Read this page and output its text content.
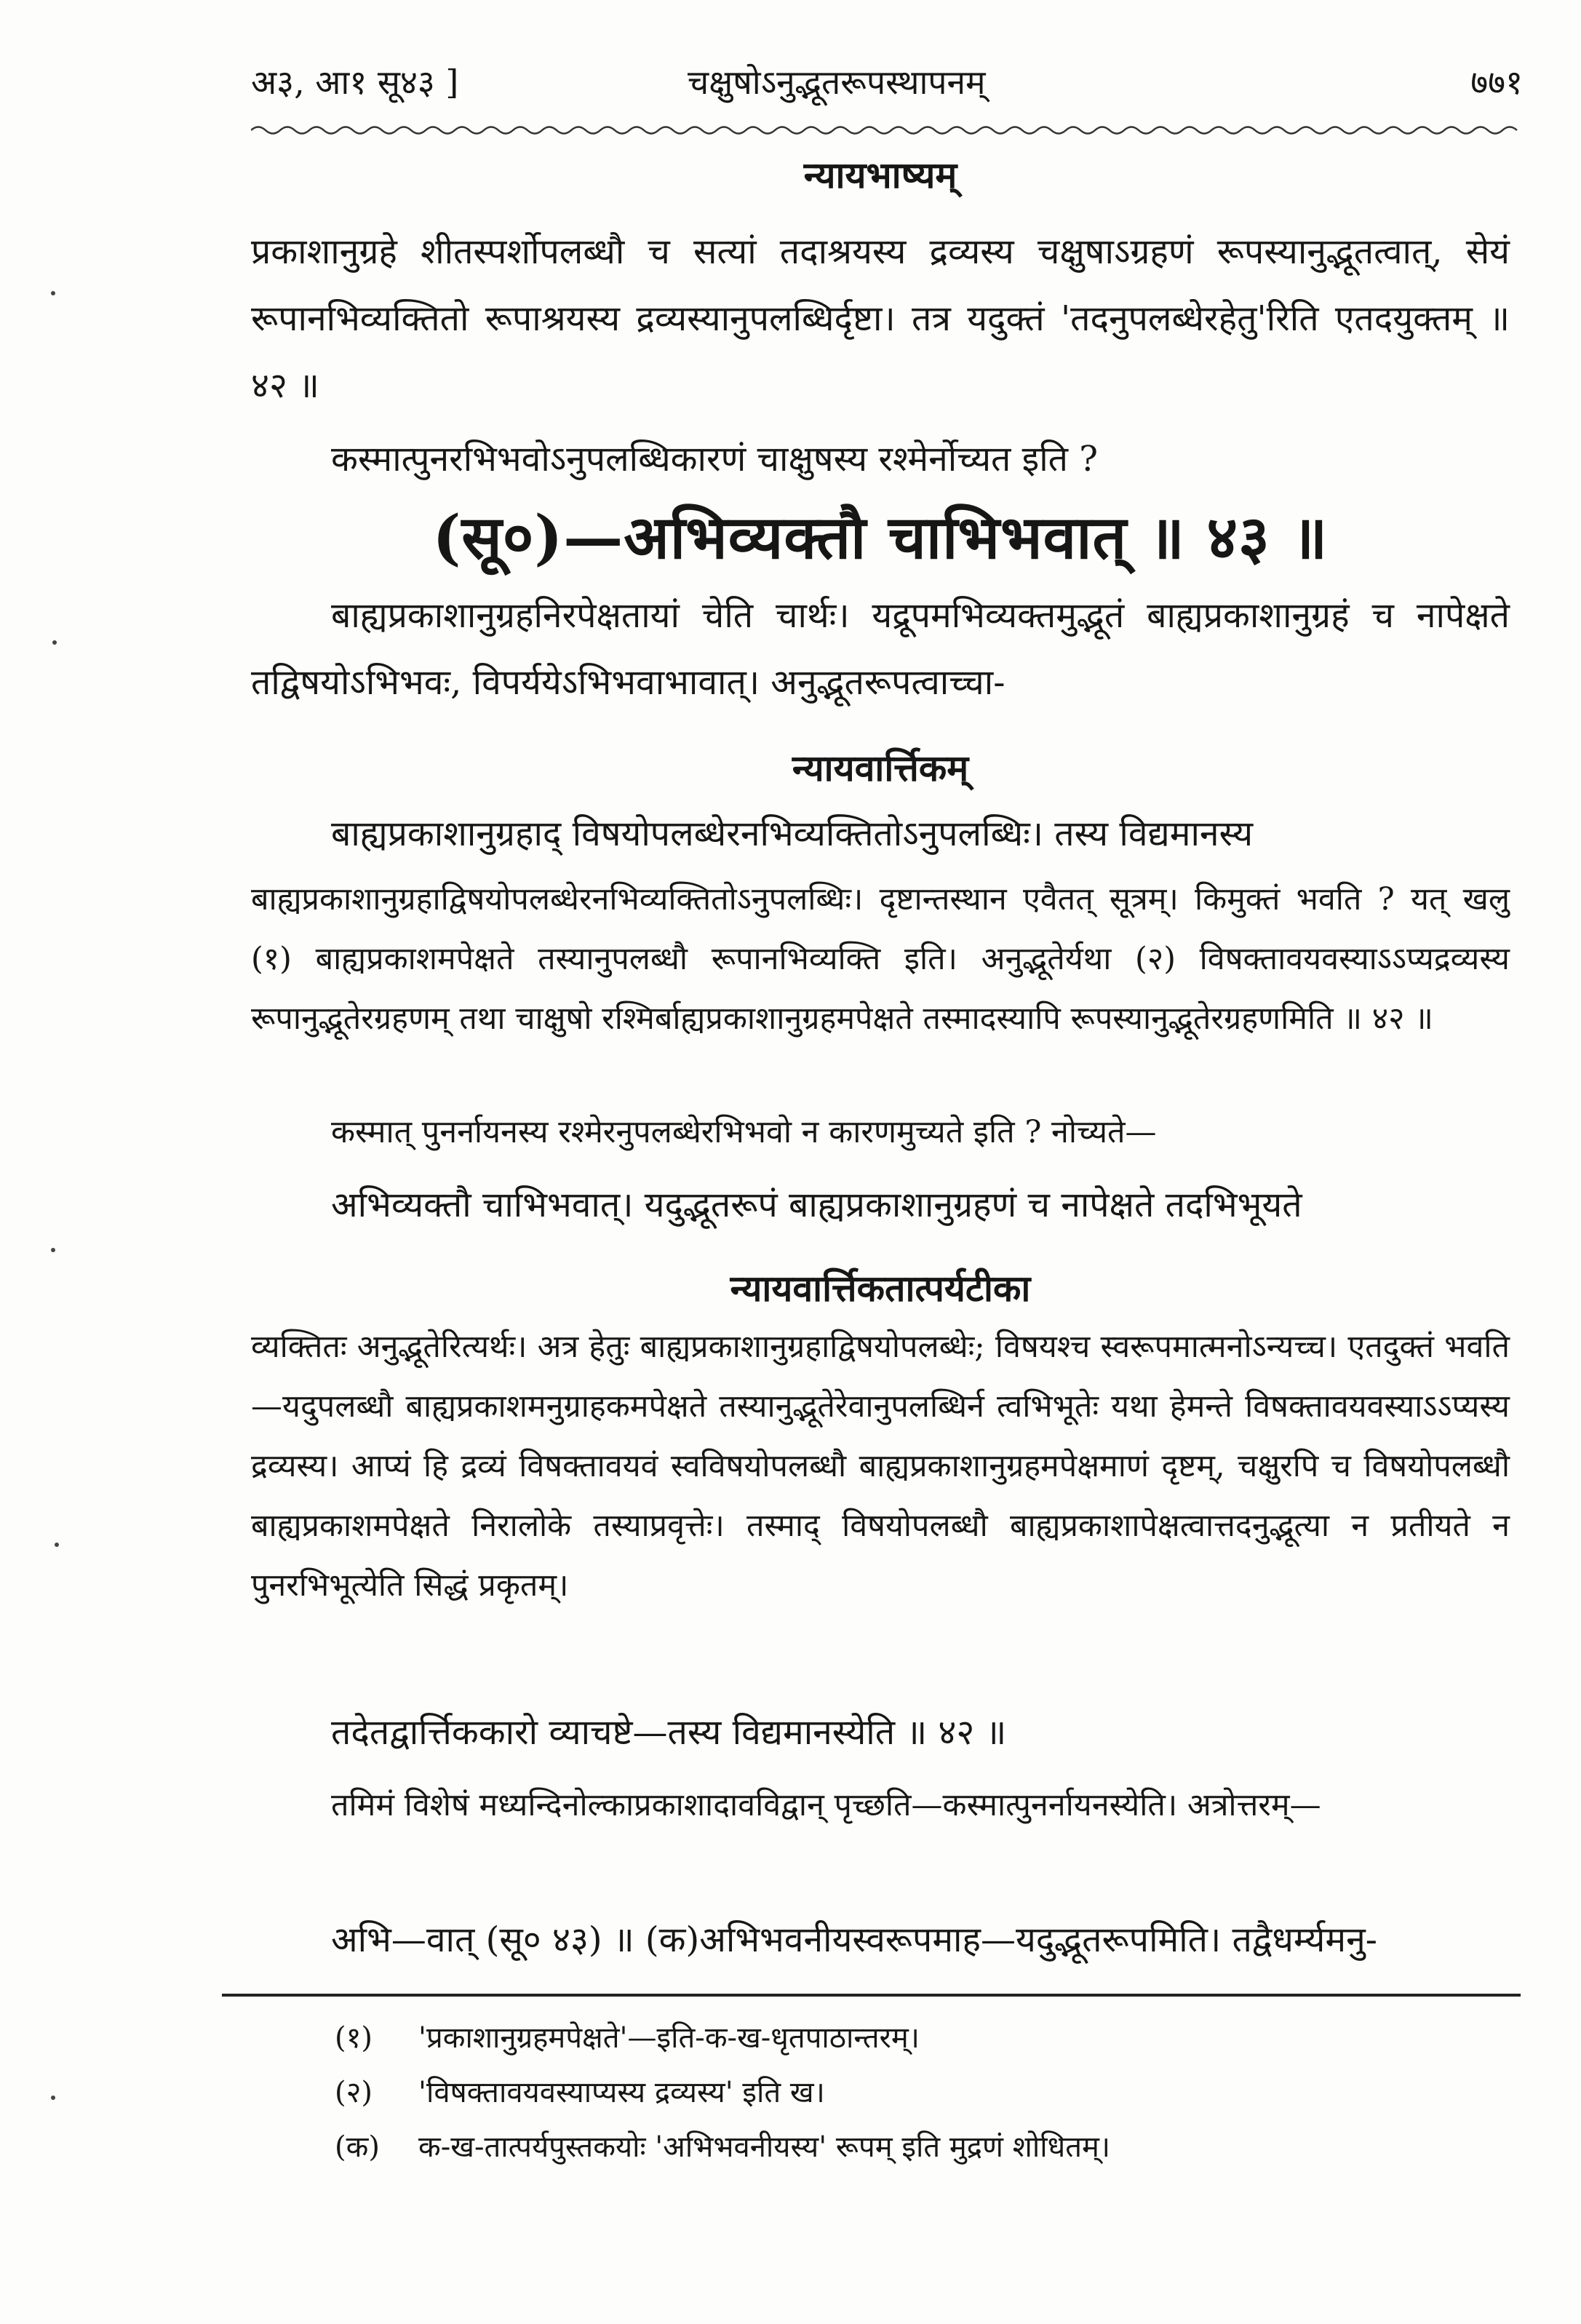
अ३, आ१ सू४३ ]	चक्षुषोऽनुद्भूतरूपस्थापनम्	७७१
न्यायभाष्यम्
प्रकाशानुग्रहे शीतस्पर्शोपलब्धौ च सत्यां तदाश्रयस्य द्रव्यस्य चक्षुषाऽग्रहणं रूपस्यानुद्भूतत्वात्, सेयं रूपानभिव्यक्तितो रूपाश्रयस्य द्रव्यस्यानुपलब्धिर्दृष्टा। तत्र यदुक्तं 'तदनुपलब्धेरहेतु'रिति एतदयुक्तम् ॥ ४२ ॥
कस्मात्पुनरभिभवोऽनुपलब्धिकारणं चाक्षुषस्य रश्मेर्नोच्यत इति ?
(सू०)—अभिव्यक्तौ चाभिभवात् ॥ ४३ ॥
बाह्यप्रकाशानुग्रहनिरपेक्षतायां चेति चार्थः। यद्रूपमभिव्यक्तमुद्भूतं बाह्यप्रकाशानुग्रहं च नापेक्षते तद्विषयोऽभिभवः, विपर्ययेऽभिभवाभावात्। अनुद्भूतरूपत्वाच्चा-
न्यायवार्त्तिकम्
बाह्यप्रकाशानुग्रहाद् विषयोपलब्धेरनभिव्यक्तितोऽनुपलब्धिः। तस्य विद्यमानस्य
बाह्यप्रकाशानुग्रहाद्विषयोपलब्धेरनभिव्यक्तितोऽनुपलब्धिः। दृष्टान्तस्थान एवैतत् सूत्रम्। किमुक्तं भवति ? यत् खलु (१) बाह्यप्रकाशमपेक्षते तस्यानुपलब्धौ रूपानभिव्यक्ति इति। अनुद्भूतेर्यथा (२) विषक्तावयवस्याऽऽप्यद्रव्यस्य रूपानुद्भूतेरग्रहणम् तथा चाक्षुषो रश्मिर्बाह्यप्रकाशानुग्रहमपेक्षते तस्मादस्यापि रूपस्यानुद्भूतेरग्रहणमिति ॥ ४२ ॥
कस्मात् पुनर्नायनस्य रश्मेरनुपलब्धेरभिभवो न कारणमुच्यते इति ? नोच्यते—
अभिव्यक्तौ चाभिभवात्। यदुद्भूतरूपं बाह्यप्रकाशानुग्रहणं च नापेक्षते तदभिभूयते
न्यायवार्त्तिकतात्पर्यटीका
व्यक्तितः अनुद्भूतेरित्यर्थः। अत्र हेतुः बाह्यप्रकाशानुग्रहाद्विषयोपलब्धेः; विषयश्च स्वरूपमात्मनोऽन्यच्च। एतदुक्तं भवति—यदुपलब्धौ बाह्यप्रकाशमनुग्राहकमपेक्षते तस्यानुद्भूतेरेवानुपलब्धिर्न त्वभिभूतेः यथा हेमन्ते विषक्तावयवस्याऽऽप्यस्य द्रव्यस्य। आप्यं हि द्रव्यं विषक्तावयवं स्वविषयोपलब्धौ बाह्यप्रकाशानुग्रहमपेक्षमाणं दृष्टम्, चक्षुरपि च विषयोपलब्धौ बाह्यप्रकाशमपेक्षते निरालोके तस्याप्रवृत्तेः। तस्माद् विषयोपलब्धौ बाह्यप्रकाशापेक्षत्वात्तदनुद्भूत्या न प्रतीयते न पुनरभिभूत्येति सिद्धं प्रकृतम्।
तदेतद्वार्त्तिककारो व्याचष्टे—तस्य विद्यमानस्येति ॥ ४२ ॥
तमिमं विशेषं मध्यन्दिनोल्काप्रकाशादावविद्वान् पृच्छति—कस्मात्पुनर्नायनस्येति। अत्रोत्तरम्—
अभि—वात् (सू० ४३) ॥ (क)अभिभवनीयस्वरूपमाह—यदुद्भूतरूपमिति। तद्वैधर्म्यमनु-
(१) 'प्रकाशानुग्रहमपेक्षते'—इति-क-ख-धृतपाठान्तरम्।
(२) 'विषक्तावयवस्याप्यस्य द्रव्यस्य' इति ख।
(क) क-ख-तात्पर्यपुस्तकयोः 'अभिभवनीयस्य' रूपम् इति मुद्रणं शोधितम्।
